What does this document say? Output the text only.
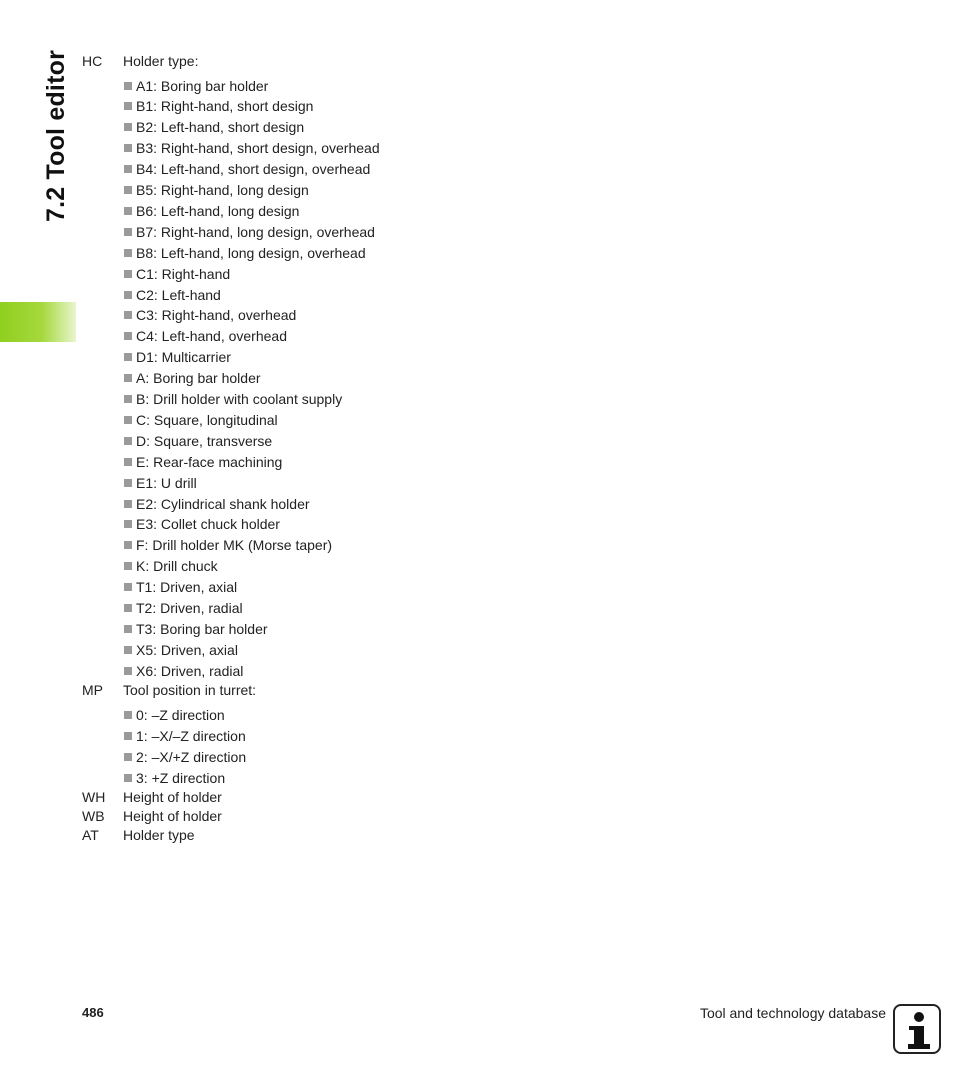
7.2 Tool editor HC Holder type:
A1: Boring bar holder
B1: Right-hand, short design
B2: Left-hand, short design
B3: Right-hand, short design, overhead
B4: Left-hand, short design, overhead
B5: Right-hand, long design
B6: Left-hand, long design
B7: Right-hand, long design, overhead
B8: Left-hand, long design, overhead
C1: Right-hand
C2: Left-hand
C3: Right-hand, overhead
C4: Left-hand, overhead
D1: Multicarrier
A: Boring bar holder
B: Drill holder with coolant supply
C: Square, longitudinal
D: Square, transverse
E: Rear-face machining
E1: U drill
E2: Cylindrical shank holder
E3: Collet chuck holder
F: Drill holder MK (Morse taper)
K: Drill chuck
T1: Driven, axial
T2: Driven, radial
T3: Boring bar holder
X5: Driven, axial
X6: Driven, radial
MP Tool position in turret:
0: –Z direction
1: –X/–Z direction
2: –X/+Z direction
3: +Z direction
WH Height of holder
WB Height of holder
AT Holder type
486	Tool and technology database
